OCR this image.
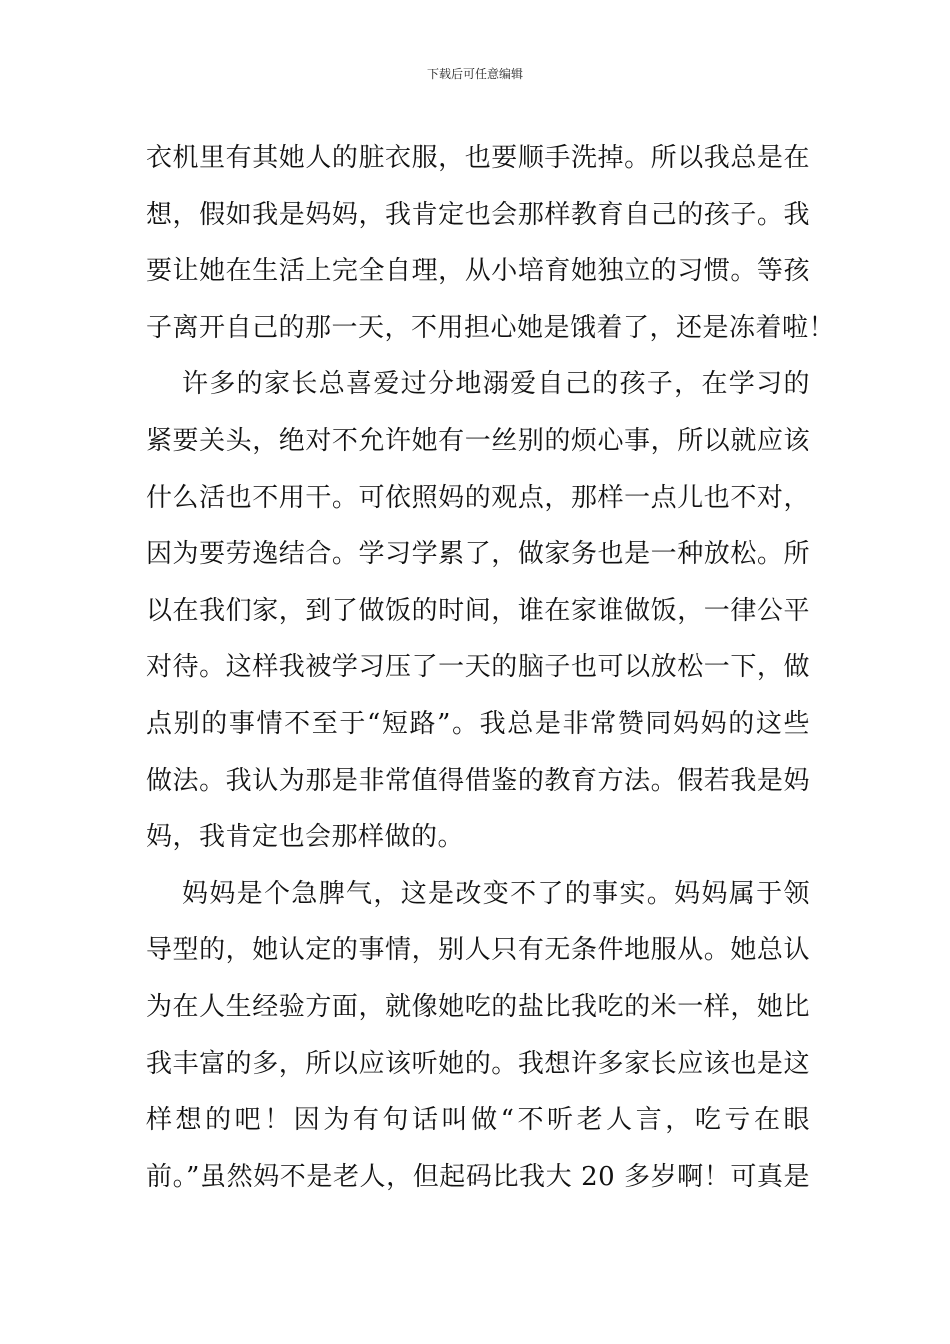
下载后可任意编辑
衣机里有其她人的脏衣服，也要顺手洗掉。所以我总是在
想，假如我是妈妈，我肯定也会那样教育自己的孩子。我
要让她在生活上完全自理，从小培育她独立的习惯。等孩
子离开自己的那一天，不用担心她是饿着了，还是冻着啦！
许多的家长总喜爱过分地溺爱自己的孩子，在学习的
紧要关头，绝对不允许她有一丝别的烦心事，所以就应该
什么活也不用干。可依照妈的观点，那样一点儿也不对，
因为要劳逸结合。学习学累了，做家务也是一种放松。所
以在我们家，到了做饭的时间，谁在家谁做饭，一律公平
对待。这样我被学习压了一天的脑子也可以放松一下，做
点别的事情不至于“短路”。我总是非常赞同妈妈的这些
做法。我认为那是非常值得借鉴的教育方法。假若我是妈
妈，我肯定也会那样做的。
妈妈是个急脾气，这是改变不了的事实。妈妈属于领
导型的，她认定的事情，别人只有无条件地服从。她总认
为在人生经验方面，就像她吃的盐比我吃的米一样，她比
我丰富的多，所以应该听她的。我想许多家长应该也是这
样想的吧！因为有句话叫做“不听老人言，吃亏在眼
前。”虽然妈不是老人，但起码比我大 20 多岁啊！可真是
